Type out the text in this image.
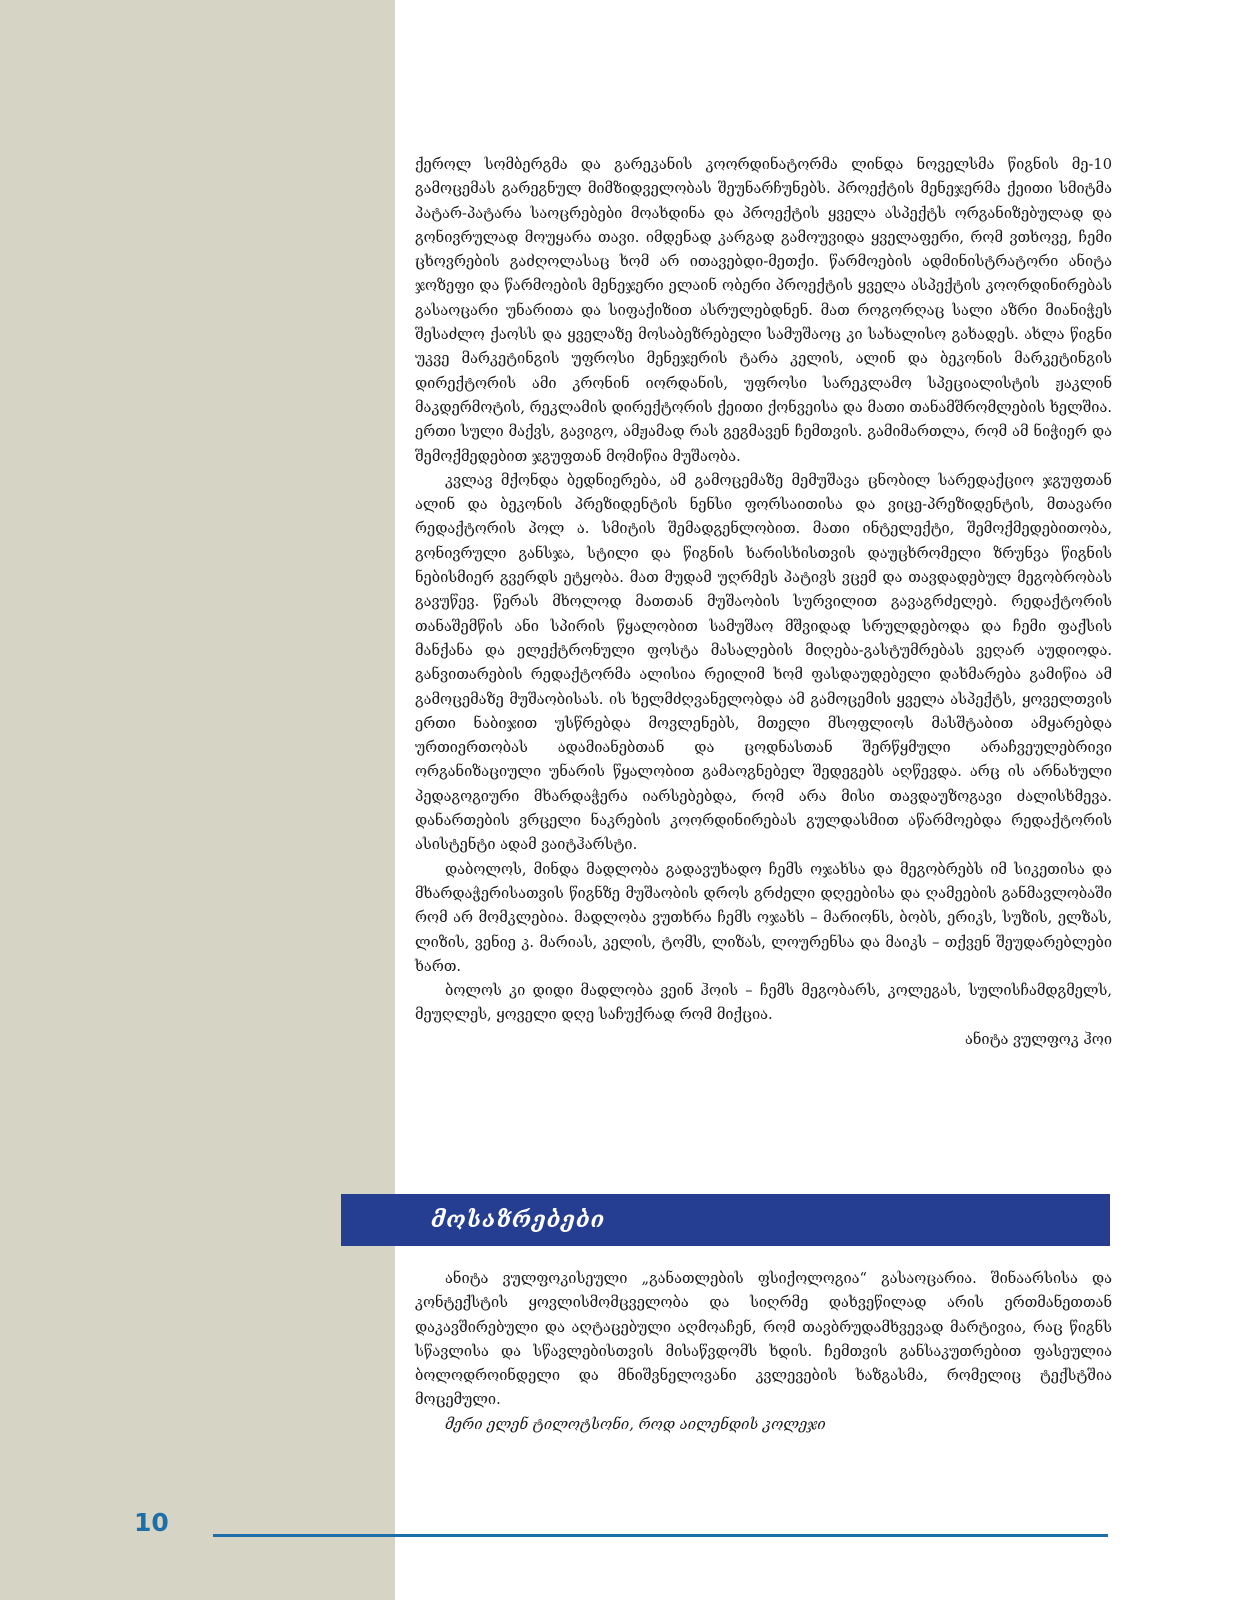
ქეროლ სომბერგმა და გარეკანის კოორდინატორმა ლინდა ნოველსმა წიგნის მე-10 გამოცემას გარეგნულ მიმზიდველობას შეუნარჩუნებს. პროექტის მენეჯერმა ქეითი სმიტმა პატარ-პატარა საოცრებები მოახდინა და პროექტის ყველა ასპექტს ორგანიზებულად და გონივრულად მოუყარა თავი. იმდენად კარგად გამოუვიდა ყველაფერი, რომ ვთხოვე, ჩემი ცხოვრების გაძღოლასაც ხომ არ ითავებდი-მეთქი. წარმოების ადმინისტრატორი ანიტა ჯოზეფი და წარმოების მენეჯერი ელაინ ობერი პროექტის ყველა ასპექტის კოორდინირებას გასაოცარი უნარითა და სიფაქიზით ასრულებდნენ. მათ როგორღაც სალი აზრი მიანიჭეს შესაძლო ქაოსს და ყველაზე მოსაბეზრებელი სამუშაოც კი სახალისო გახადეს. ახლა წიგნი უკვე მარკეტინგის უფროსი მენეჯერის ტარა კელის, ალინ და ბეკონის მარკეტინგის დირექტორის ამი კრონინ იორდანის, უფროსი სარეკლამო სპეციალისტის ჟაკლინ მაკდერმოტის, რეკლამის დირექტორის ქეითი ქონვეისა და მათი თანამშრომლების ხელშია. ერთი სული მაქვს, გავიგო, ამჟამად რას გეგმავენ ჩემთვის. გამიმართლა, რომ ამ ნიჭიერ და შემოქმედებით ჯგუფთან მომიწია მუშაობა.

კვლავ მქონდა ბედნიერება, ამ გამოცემაზე მემუშავა ცნობილ სარედაქციო ჯგუფთან ალინ და ბეკონის პრეზიდენტის ნენსი ფორსაითისა და ვიცე-პრეზიდენტის, მთავარი რედაქტორის პოლ ა. სმიტის შემადგენლობით. მათი ინტელექტი, შემოქმედებითობა, გონივრული განსჯა, სტილი და წიგნის ხარისხისთვის დაუცხრომელი ზრუნვა წიგნის ნებისმიერ გვერდს ეტყობა. მათ მუდამ უღრმეს პატივს ვცემ და თავდადებულ მეგობრობას გავუწევ. წერას მხოლოდ მათთან მუშაობის სურვილით გავაგრძელებ. რედაქტორის თანაშემწის ანი სპირის წყალობით სამუშაო მშვიდად სრულდებოდა და ჩემი ფაქსის მანქანა და ელექტრონული ფოსტა მასალების მიღება-გასტუმრებას ვეღარ აუდიოდა. განვითარების რედაქტორმა ალისია რეილიმ ხომ ფასდაუდებელი დახმარება გამიწია ამ გამოცემაზე მუშაობისას. ის ხელმძღვანელობდა ამ გამოცემის ყველა ასპექტს, ყოველთვის ერთი ნაბიჯით უსწრებდა მოვლენებს, მთელი მსოფლიოს მასშტაბით ამყარებდა ურთიერთობას ადამიანებთან და ცოდნასთან შერწყმული არაჩვეულებრივი ორგანიზაციული უნარის წყალობით გამაოგნებელ შედეგებს აღწევდა. არც ის არნახული პედაგოგიური მხარდაჭერა იარსებებდა, რომ არა მისი თავდაუზოგავი ძალისხმევა. დანართების ვრცელი ნაკრების კოორდინირებას გულდასმით აწარმოებდა რედაქტორის ასისტენტი ადამ ვაიტჰარსტი.

დაბოლოს, მინდა მადლობა გადავუხადო ჩემს ოჯახსა და მეგობრებს იმ სიკეთისა და მხარდაჭერისათვის წიგნზე მუშაობის დროს გრძელი დღეებისა და ღამეების განმავლობაში რომ არ მომკლებია. მადლობა ვუთხრა ჩემს ოჯახს – მარიონს, ბობს, ერიკს, სუზის, ელზას, ლიზის, ვენიე კ. მარიას, კელის, ტომს, ლიზას, ლოურენსა და მაიკს – თქვენ შეუდარებლები ხართ.

ბოლოს კი დიდი მადლობა ვეინ ჰოის – ჩემს მეგობარს, კოლეგას, სულისჩამდგმელს, მეუღლეს, ყოველი დღე საჩუქრად რომ მიქცია.

ანიტა ვულფოკ ჰოი

მოსაზრებები

ანიტა ვულფოკისეული „განათლების ფსიქოლოგია“ გასაოცარია. შინაარსისა და კონტექსტის ყოვლისმომცველობა და სიღრმე დახვეწილად არის ერთმანეთთან დაკავშირებული და აღტაცებული აღმოაჩენ, რომ თავბრუდამხვევად მარტივია, რაც წიგნს სწავლისა და სწავლებისთვის მისაწვდომს ხდის. ჩემთვის განსაკუთრებით ფასეულია ბოლოდროინდელი და მნიშვნელოვანი კვლევების ხაზგასმა, რომელიც ტექსტშია მოცემული.

მერი ელენ ტილოტსონი, როდ აილენდის კოლეჯი

10
